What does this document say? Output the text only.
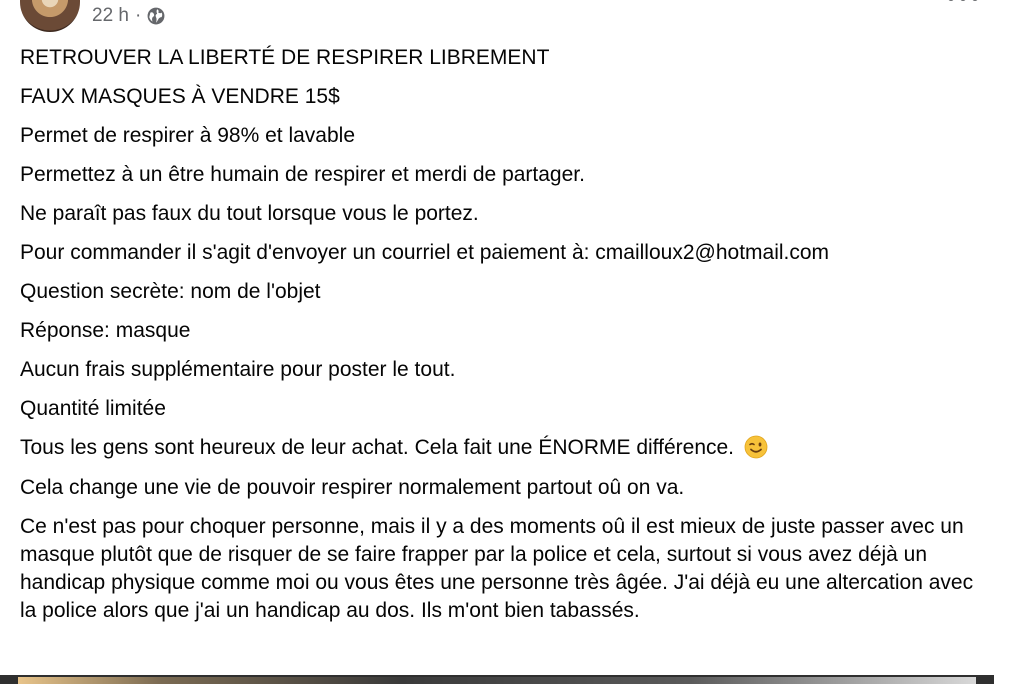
22 h ·

RETROUVER LA LIBERTÉ DE RESPIRER LIBREMENT

FAUX MASQUES À VENDRE 15$

Permet de respirer à 98% et lavable

Permettez à un être humain de respirer et merdi de partager.

Ne paraît pas faux du tout lorsque vous le portez.

Pour commander il s'agit d'envoyer un courriel et paiement à: cmailloux2@hotmail.com

Question secrète: nom de l'objet

Réponse: masque

Aucun frais supplémentaire pour poster le tout.

Quantité limitée

Tous les gens sont heureux de leur achat. Cela fait une ÉNORME différence.

Cela change une vie de pouvoir respirer normalement partout oû on va.

Ce n'est pas pour choquer personne, mais il y a des moments oû il est mieux de juste passer avec un masque plutôt que de risquer de se faire frapper par la police et cela, surtout si vous avez déjà un handicap physique comme moi ou vous êtes une personne très âgée. J'ai déjà eu une altercation avec la police alors que j'ai un handicap au dos. Ils m'ont bien tabassés.
